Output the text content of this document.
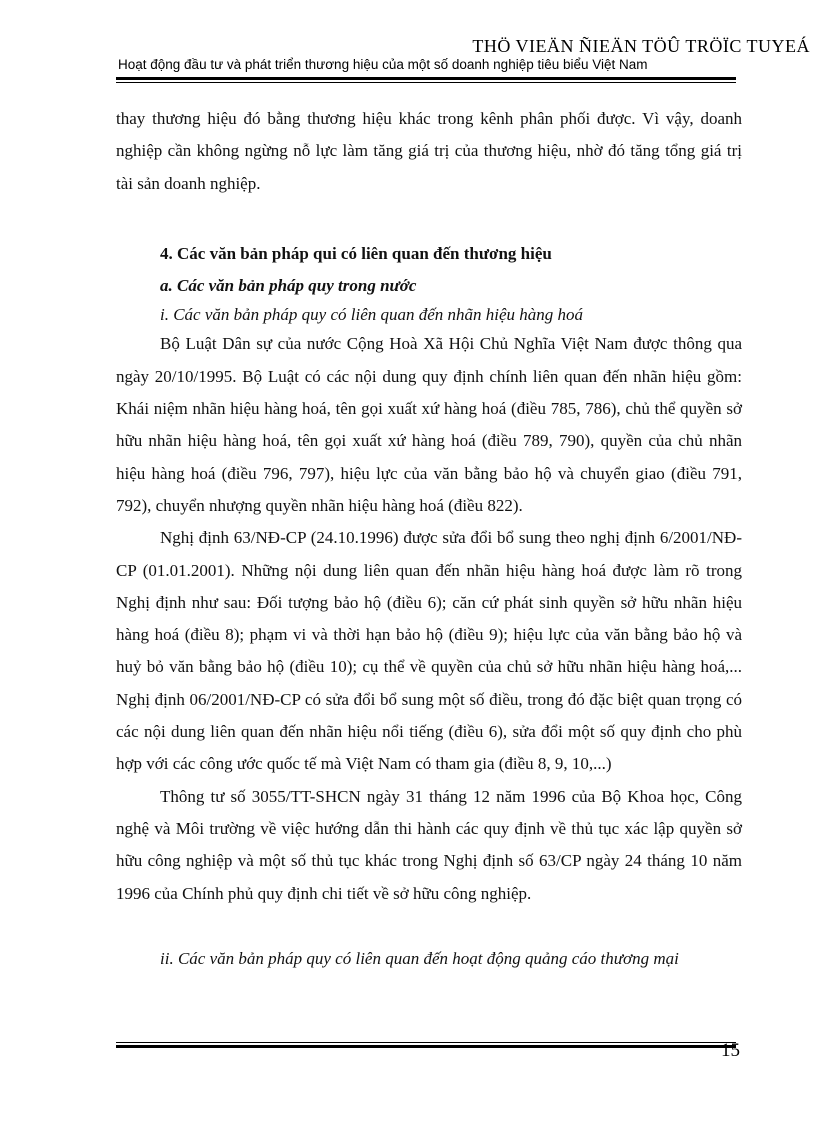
THÖ VIEÄN ÑIEÄN TÖÛ TRÖÏC TUYEÁ
Hoạt động đầu tư và phát triển thương hiệu của một số doanh nghiệp tiêu biểu Việt Nam

thay thương hiệu đó bằng thương hiệu khác trong kênh phân phối được. Vì vậy, doanh nghiệp cần không ngừng nỗ lực làm tăng giá trị của thương hiệu, nhờ đó tăng tổng giá trị tài sản doanh nghiệp.

4. Các văn bản pháp qui có liên quan đến thương hiệu

a. Các văn bản pháp quy trong nước

i. Các văn bản pháp quy có liên quan đến nhãn hiệu hàng hoá

Bộ Luật Dân sự của nước Cộng Hoà Xã Hội Chủ Nghĩa Việt Nam được thông qua ngày 20/10/1995. Bộ Luật có các nội dung quy định chính liên quan đến nhãn hiệu gồm: Khái niệm nhãn hiệu hàng hoá, tên gọi xuất xứ hàng hoá (điều 785, 786), chủ thể quyền sở hữu nhãn hiệu hàng hoá, tên gọi xuất xứ hàng hoá (điều 789, 790), quyền của chủ nhãn hiệu hàng hoá (điều 796, 797), hiệu lực của văn bằng bảo hộ và chuyển giao (điều 791, 792), chuyển nhượng quyền nhãn hiệu hàng hoá (điều 822).

Nghị định 63/NĐ-CP (24.10.1996) được sửa đổi bổ sung theo nghị định 6/2001/NĐ-CP (01.01.2001). Những nội dung liên quan đến nhãn hiệu hàng hoá được làm rõ trong Nghị định như sau: Đối tượng bảo hộ (điều 6); căn cứ phát sinh quyền sở hữu nhãn hiệu hàng hoá (điều 8); phạm vi và thời hạn bảo hộ (điều 9); hiệu lực của văn bằng bảo hộ và huỷ bỏ văn bằng bảo hộ (điều 10); cụ thể về quyền của chủ sở hữu nhãn hiệu hàng hoá,... Nghị định 06/2001/NĐ-CP có sửa đổi bổ sung một số điều, trong đó đặc biệt quan trọng có các nội dung liên quan đến nhãn hiệu nổi tiếng (điều 6), sửa đổi một số quy định cho phù hợp với các công ước quốc tế mà Việt Nam có tham gia (điều 8, 9, 10,...)

Thông tư số 3055/TT-SHCN ngày 31 tháng 12 năm 1996 của Bộ Khoa học, Công nghệ và Môi trường về việc hướng dẫn thi hành các quy định về thủ tục xác lập quyền sở hữu công nghiệp và một số thủ tục khác trong Nghị định số 63/CP ngày 24 tháng 10 năm 1996 của Chính phủ quy định chi tiết về sở hữu công nghiệp.

ii. Các văn bản pháp quy có liên quan đến hoạt động quảng cáo thương mại

15
